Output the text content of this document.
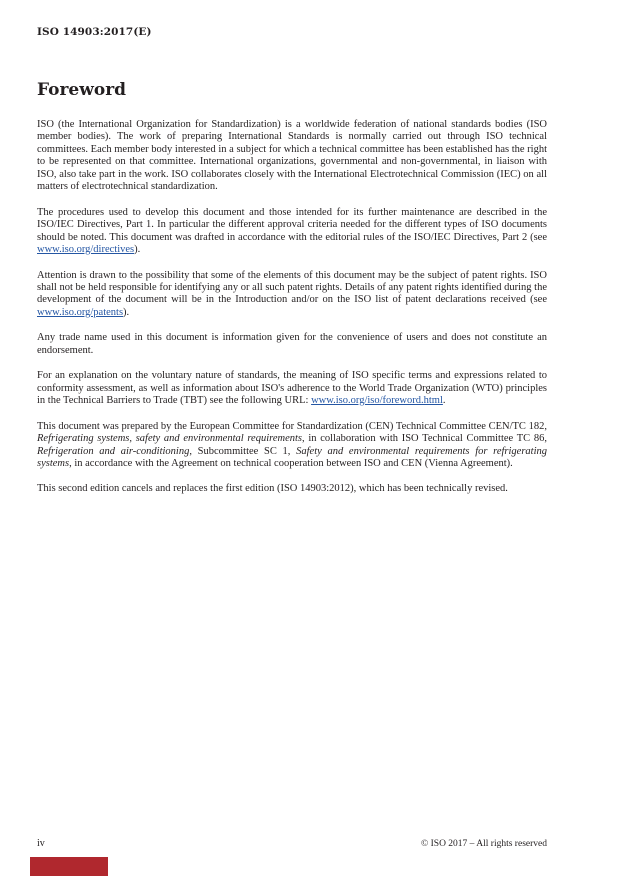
ISO 14903:2017(E)
Foreword

ISO (the International Organization for Standardization) is a worldwide federation of national standards bodies (ISO member bodies). The work of preparing International Standards is normally carried out through ISO technical committees. Each member body interested in a subject for which a technical committee has been established has the right to be represented on that committee. International organizations, governmental and non-governmental, in liaison with ISO, also take part in the work. ISO collaborates closely with the International Electrotechnical Commission (IEC) on all matters of electrotechnical standardization.

The procedures used to develop this document and those intended for its further maintenance are described in the ISO/IEC Directives, Part 1. In particular the different approval criteria needed for the different types of ISO documents should be noted. This document was drafted in accordance with the editorial rules of the ISO/IEC Directives, Part 2 (see www.iso.org/directives).

Attention is drawn to the possibility that some of the elements of this document may be the subject of patent rights. ISO shall not be held responsible for identifying any or all such patent rights. Details of any patent rights identified during the development of the document will be in the Introduction and/or on the ISO list of patent declarations received (see www.iso.org/patents).

Any trade name used in this document is information given for the convenience of users and does not constitute an endorsement.

For an explanation on the voluntary nature of standards, the meaning of ISO specific terms and expressions related to conformity assessment, as well as information about ISO's adherence to the World Trade Organization (WTO) principles in the Technical Barriers to Trade (TBT) see the following URL: www.iso.org/iso/foreword.html.

This document was prepared by the European Committee for Standardization (CEN) Technical Committee CEN/TC 182, Refrigerating systems, safety and environmental requirements, in collaboration with ISO Technical Committee TC 86, Refrigeration and air-conditioning, Subcommittee SC 1, Safety and environmental requirements for refrigerating systems, in accordance with the Agreement on technical cooperation between ISO and CEN (Vienna Agreement).

This second edition cancels and replaces the first edition (ISO 14903:2012), which has been technically revised.

iv	© ISO 2017 – All rights reserved
